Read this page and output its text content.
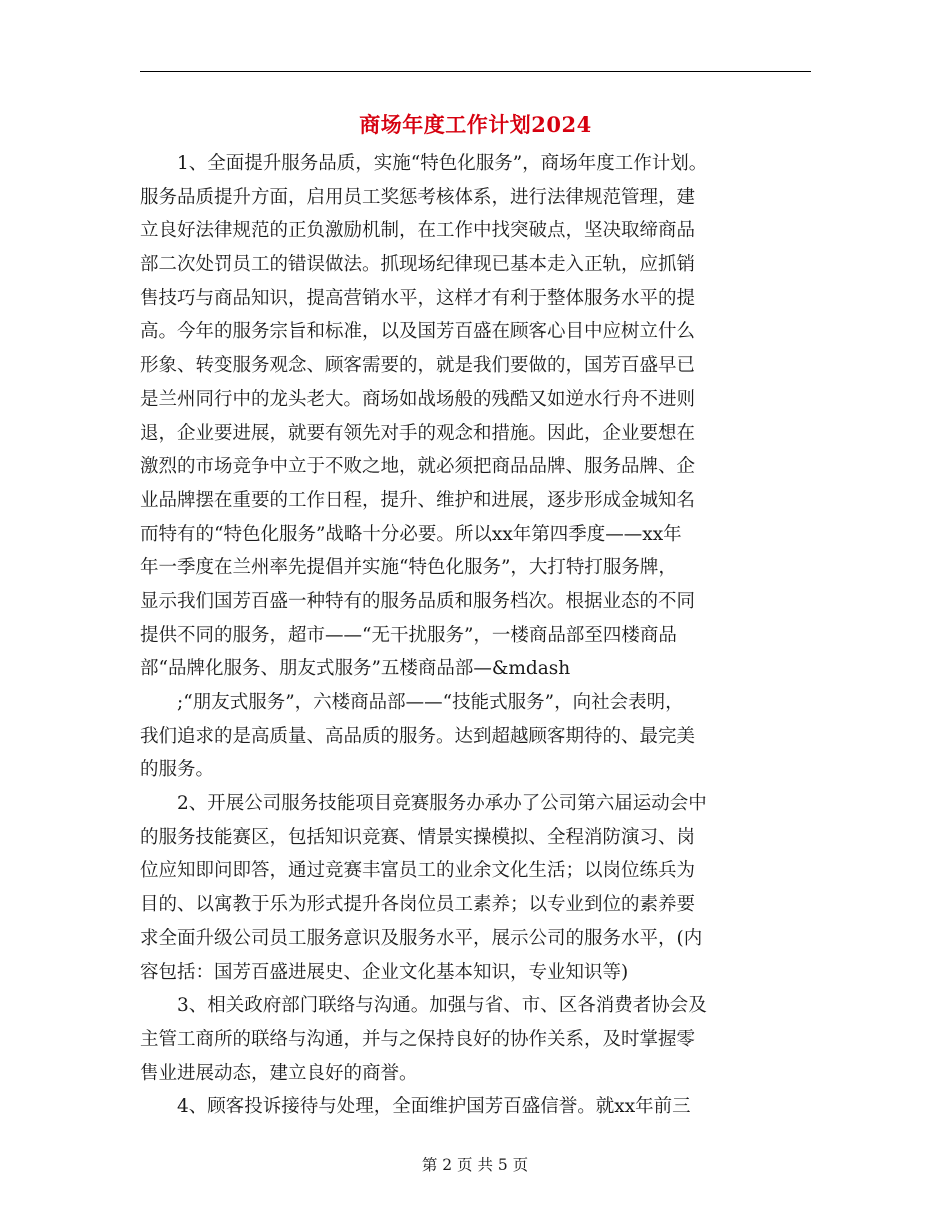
商场年度工作计划2024
1、全面提升服务品质，实施“特色化服务”，商场年度工作计划。
服务品质提升方面，启用员工奖惩考核体系，进行法律规范管理，建
立良好法律规范的正负激励机制，在工作中找突破点，坚决取缔商品
部二次处罚员工的错误做法。抓现场纪律现已基本走入正轨，应抓销
售技巧与商品知识，提高营销水平，这样才有利于整体服务水平的提
高。今年的服务宗旨和标准，以及国芳百盛在顾客心目中应树立什么
形象、转变服务观念、顾客需要的，就是我们要做的，国芳百盛早已
是兰州同行中的龙头老大。商场如战场般的残酷又如逆水行舟不进则
退，企业要进展，就要有领先对手的观念和措施。因此，企业要想在
激烈的市场竞争中立于不败之地，就必须把商品品牌、服务品牌、企
业品牌摆在重要的工作日程，提升、维护和进展，逐步形成金城知名
而特有的“特色化服务”战略十分必要。所以xx年第四季度——xx年
年一季度在兰州率先提倡并实施“特色化服务”，大打特打服务牌，
显示我们国芳百盛一种特有的服务品质和服务档次。根据业态的不同
提供不同的服务，超市——“无干扰服务”，一楼商品部至四楼商品
部“品牌化服务、朋友式服务”五楼商品部—&mdash
;“朋友式服务”，六楼商品部——“技能式服务”，向社会表明，
我们追求的是高质量、高品质的服务。达到超越顾客期待的、最完美
的服务。
2、开展公司服务技能项目竞赛服务办承办了公司第六届运动会中
的服务技能赛区，包括知识竞赛、情景实操模拟、全程消防演习、岗
位应知即问即答，通过竞赛丰富员工的业余文化生活；以岗位练兵为
目的、以寓教于乐为形式提升各岗位员工素养；以专业到位的素养要
求全面升级公司员工服务意识及服务水平，展示公司的服务水平，(内
容包括：国芳百盛进展史、企业文化基本知识，专业知识等)
3、相关政府部门联络与沟通。加强与省、市、区各消费者协会及
主管工商所的联络与沟通，并与之保持良好的协作关系，及时掌握零
售业进展动态，建立良好的商誉。
4、顾客投诉接待与处理，全面维护国芳百盛信誉。就xx年前三
第 2 页 共 5 页
